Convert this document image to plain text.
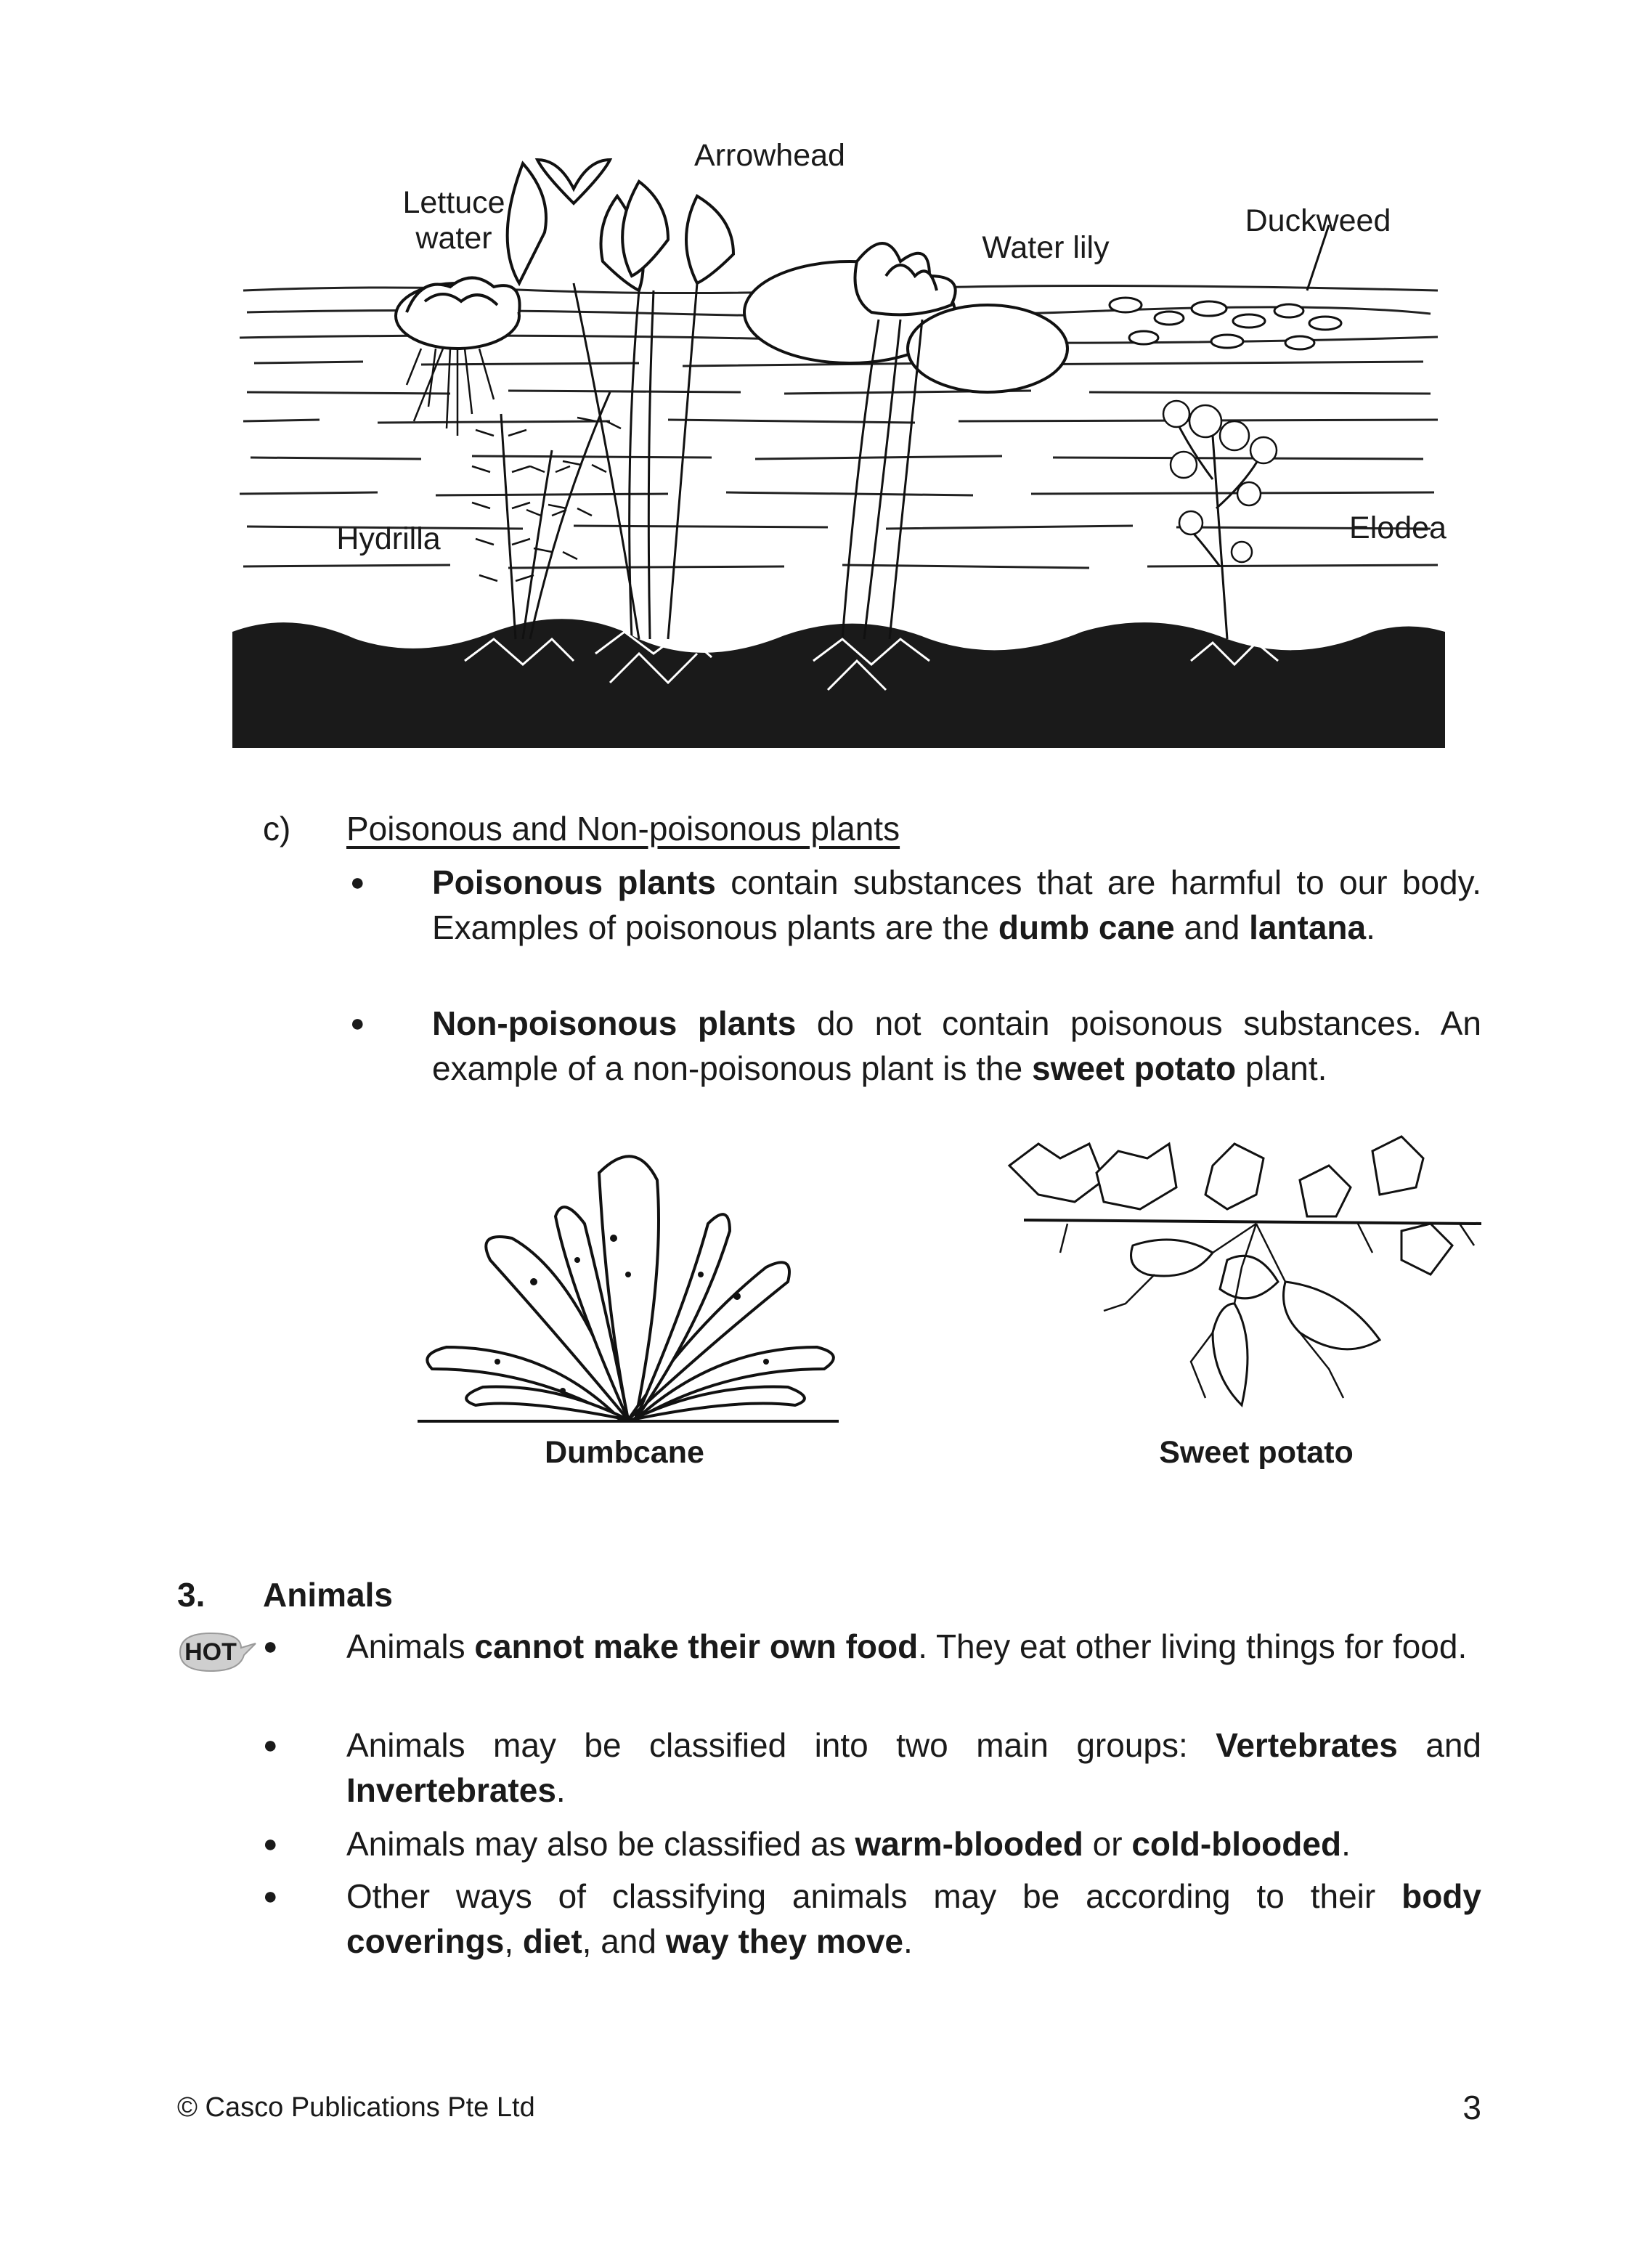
Arrowhead
Lettuce
water	Water lily
Duckweed
Hydrilla	Elodea
c) Poisonous and Non-poisonous plants
● Poisonous plants contain substances that are harmful to our body. Examples of poisonous plants are the dumb cane and lantana.
● Non-poisonous plants do not contain poisonous substances. An example of a non-poisonous plant is the sweet potato plant.
Dumbcane	Sweet potato
3. Animals
HOT ● Animals cannot make their own food. They eat other living things for food.
● Animals may be classified into two main groups: Vertebrates and Invertebrates.
● Animals may also be classified as warm-blooded or cold-blooded.
● Other ways of classifying animals may be according to their body coverings, diet, and way they move.
© Casco Publications Pte Ltd	3
